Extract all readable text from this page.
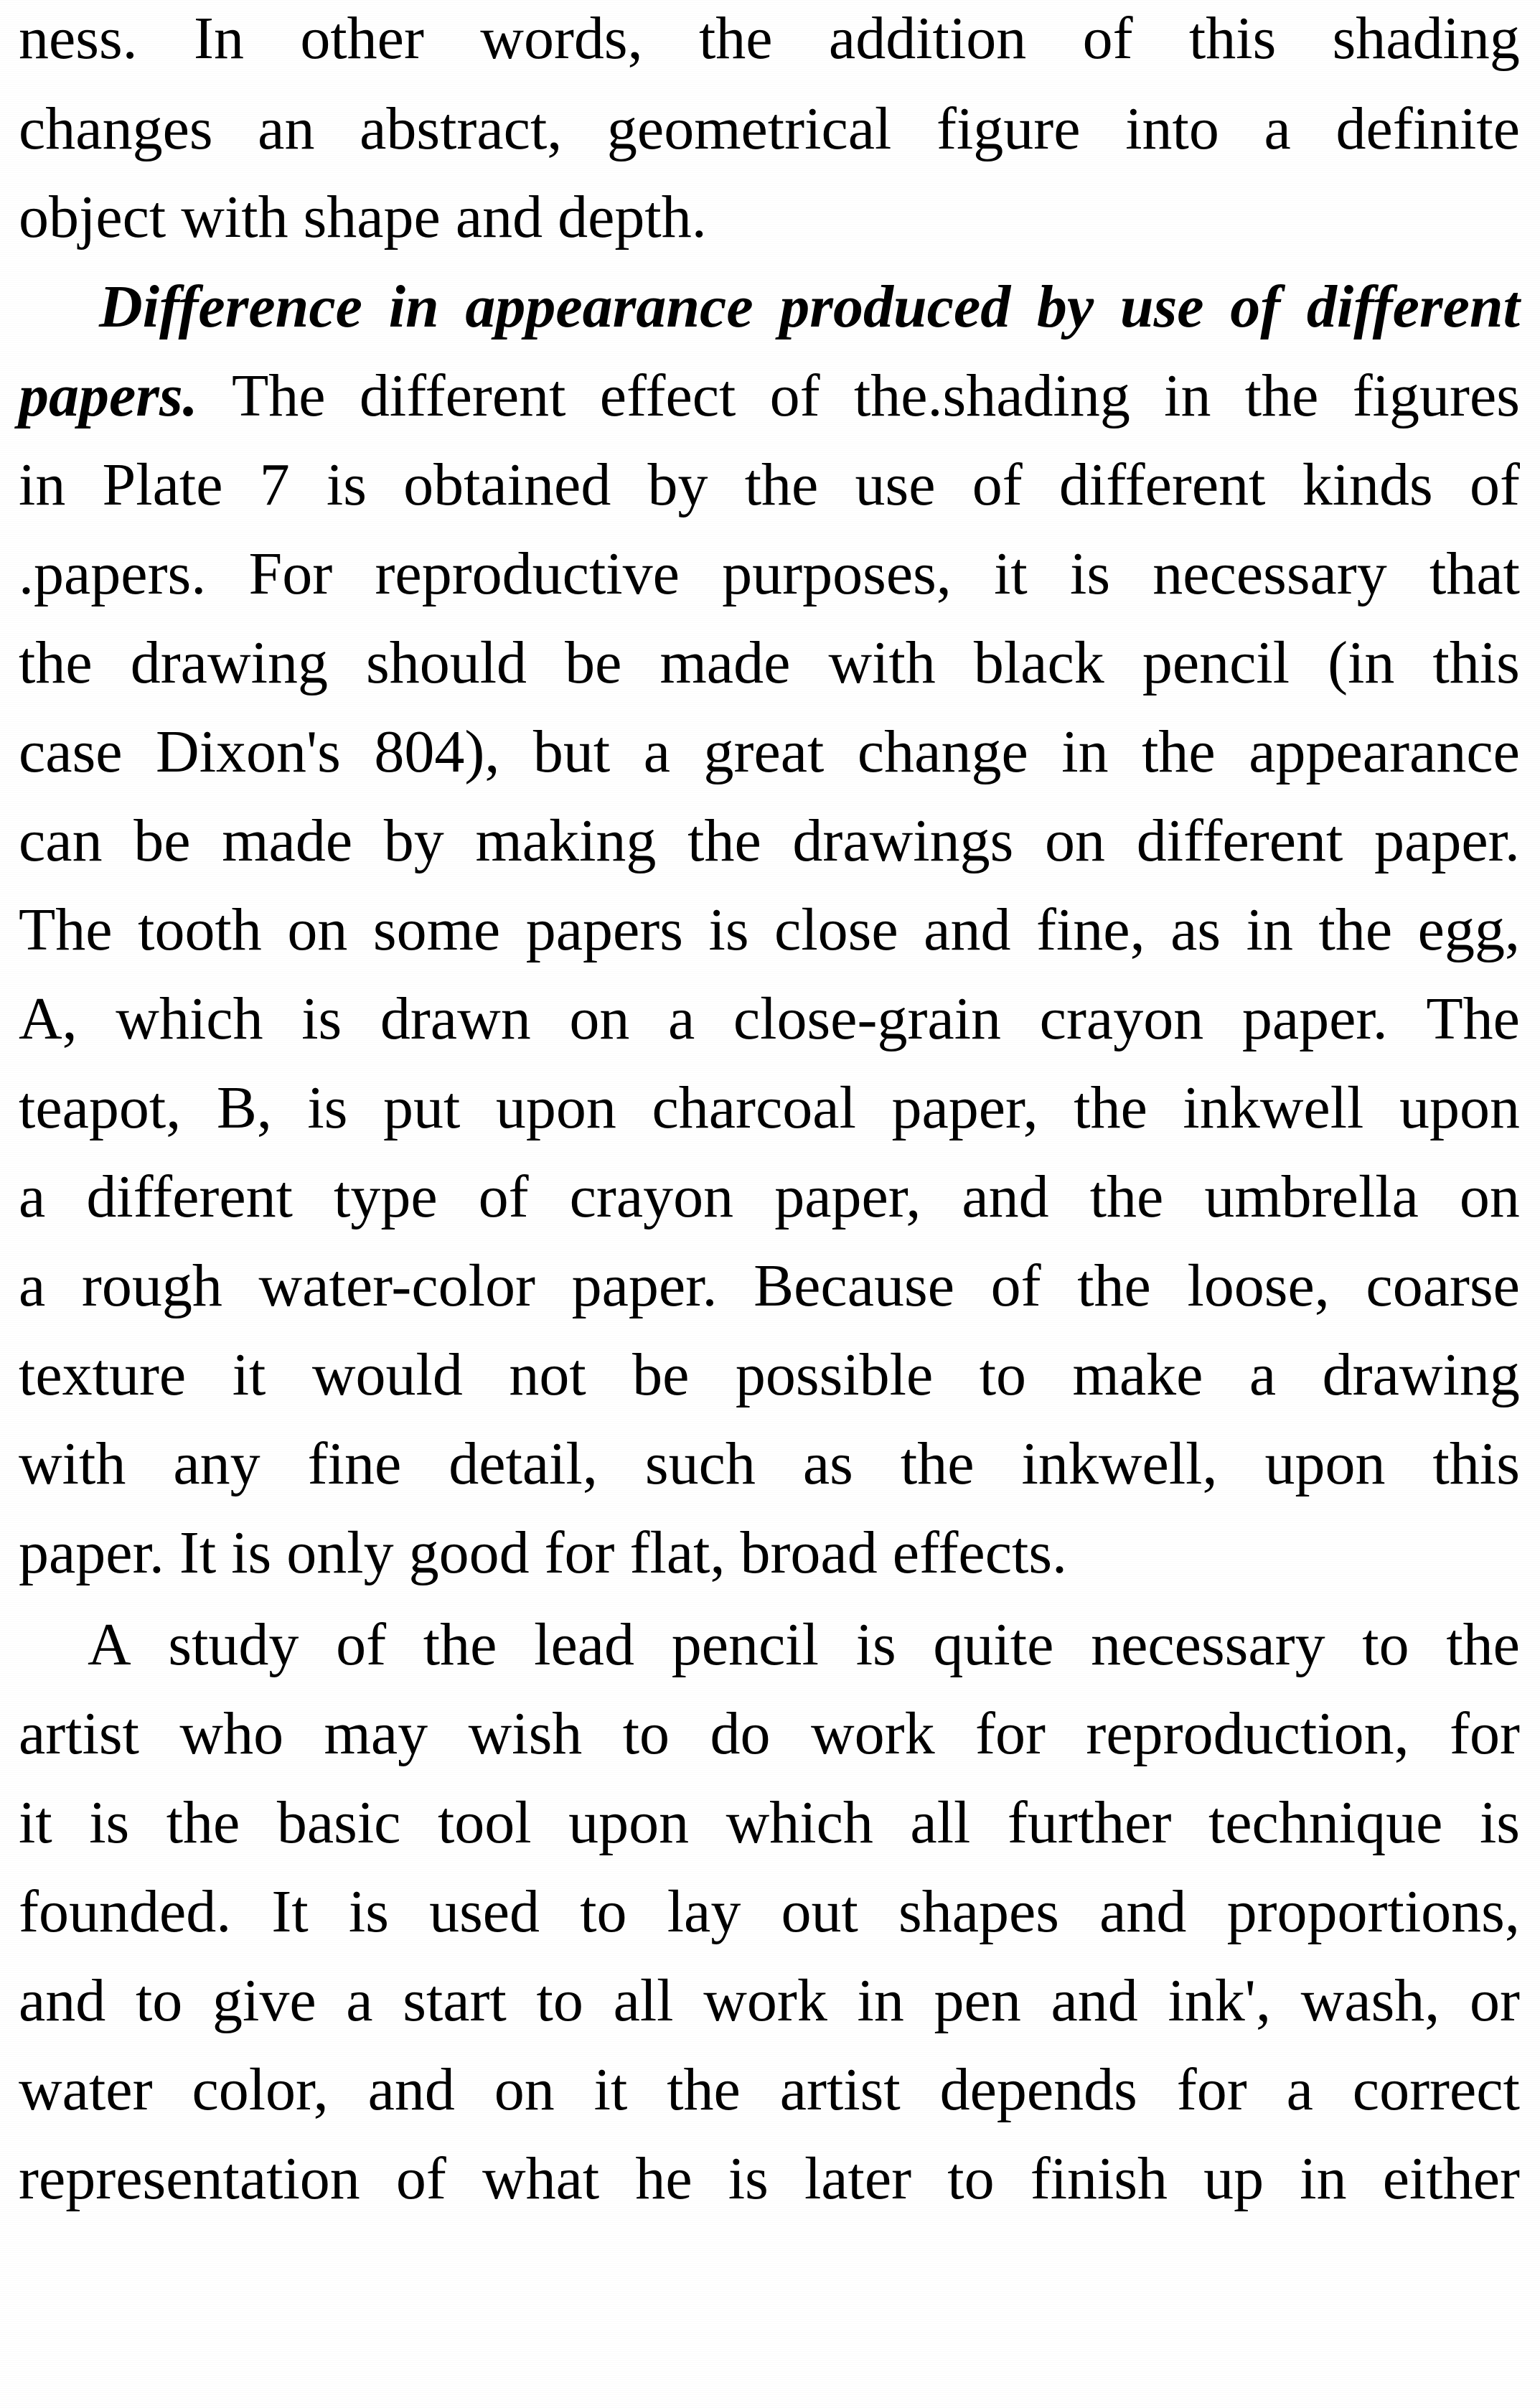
ness. In other words, the addition of this shading
changes an abstract, geometrical figure into a definite
object with shape and depth.
Difference in appearance produced by use of different
papers. The different effect of the.shading in the figures
in Plate 7 is obtained by the use of different kinds of
.papers. For reproductive purposes, it is necessary that
the drawing should be made with black pencil (in this
case Dixon's 804), but a great change in the appearance
can be made by making the drawings on different paper.
The tooth on some papers is close and fine, as in the egg,
A, which is drawn on a close-grain crayon paper. The
teapot, B, is put upon charcoal paper, the inkwell upon
a different type of crayon paper, and the umbrella on
a rough water-color paper. Because of the loose, coarse
texture it would not be possible to make a drawing
with any fine detail, such as the inkwell, upon this
paper. It is only good for flat, broad effects.
A study of the lead pencil is quite necessary to the
artist who may wish to do work for reproduction, for
it is the basic tool upon which all further technique is
founded. It is used to lay out shapes and proportions,
and to give a start to all work in pen and ink', wash, or
water color, and on it the artist depends for a correct
representation of what he is later to finish up in either
